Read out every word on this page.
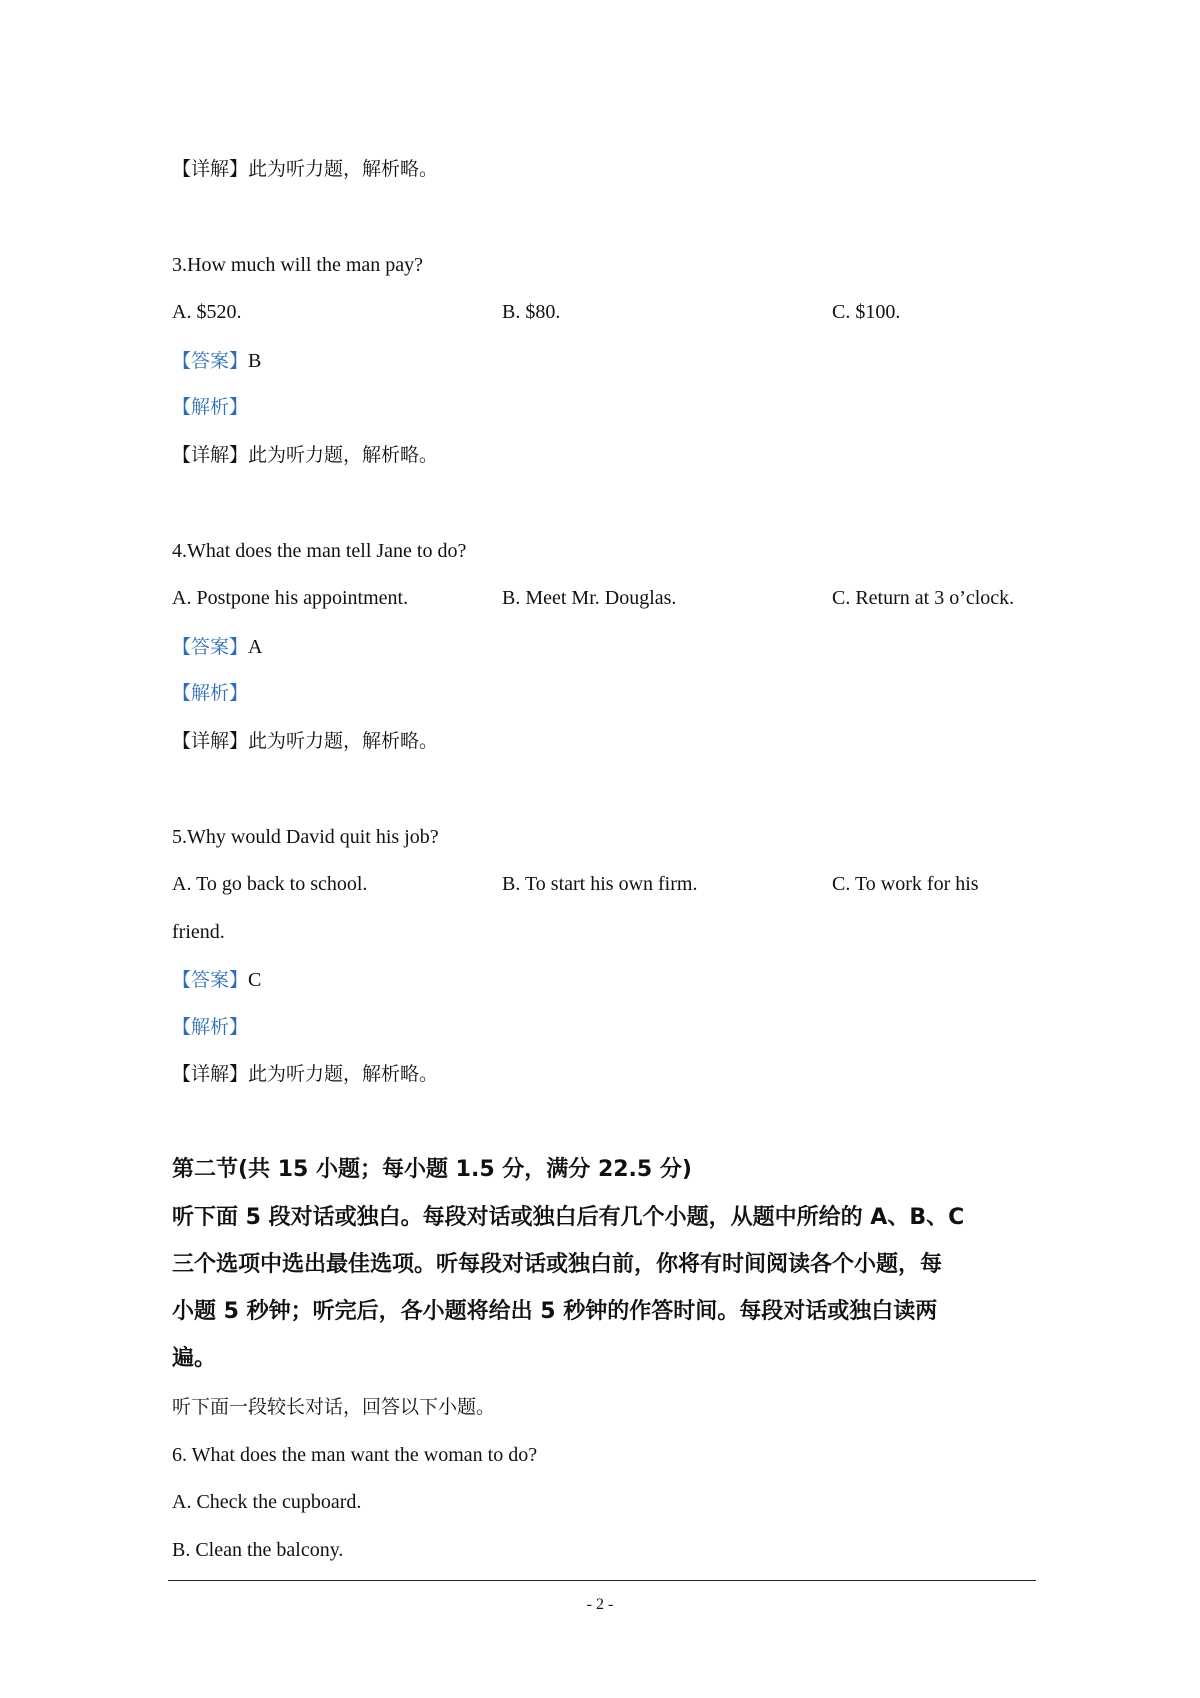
【详解】此为听力题，解析略。
3.How much will the man pay?
A. $520.	B. $80.	C. $100.
【答案】B
【解析】
【详解】此为听力题，解析略。
4.What does the man tell Jane to do?
A. Postpone his appointment.	B. Meet Mr. Douglas.	C. Return at 3 o’clock.
【答案】A
【解析】
【详解】此为听力题，解析略。
5.Why would David quit his job?
A. To go back to school.	B. To start his own firm.	C. To work for his
friend.
【答案】C
【解析】
【详解】此为听力题，解析略。
第二节(共 15 小题；每小题 1.5 分，满分 22.5 分)
听下面 5 段对话或独白。每段对话或独白后有几个小题，从题中所给的 A、B、C
三个选项中选出最佳选项。听每段对话或独白前，你将有时间阅读各个小题，每
小题 5 秒钟；听完后，各小题将给出 5 秒钟的作答时间。每段对话或独白读两
遍。
听下面一段较长对话，回答以下小题。
6. What does the man want the woman to do?
A. Check the cupboard.
B. Clean the balcony.
- 2 -
